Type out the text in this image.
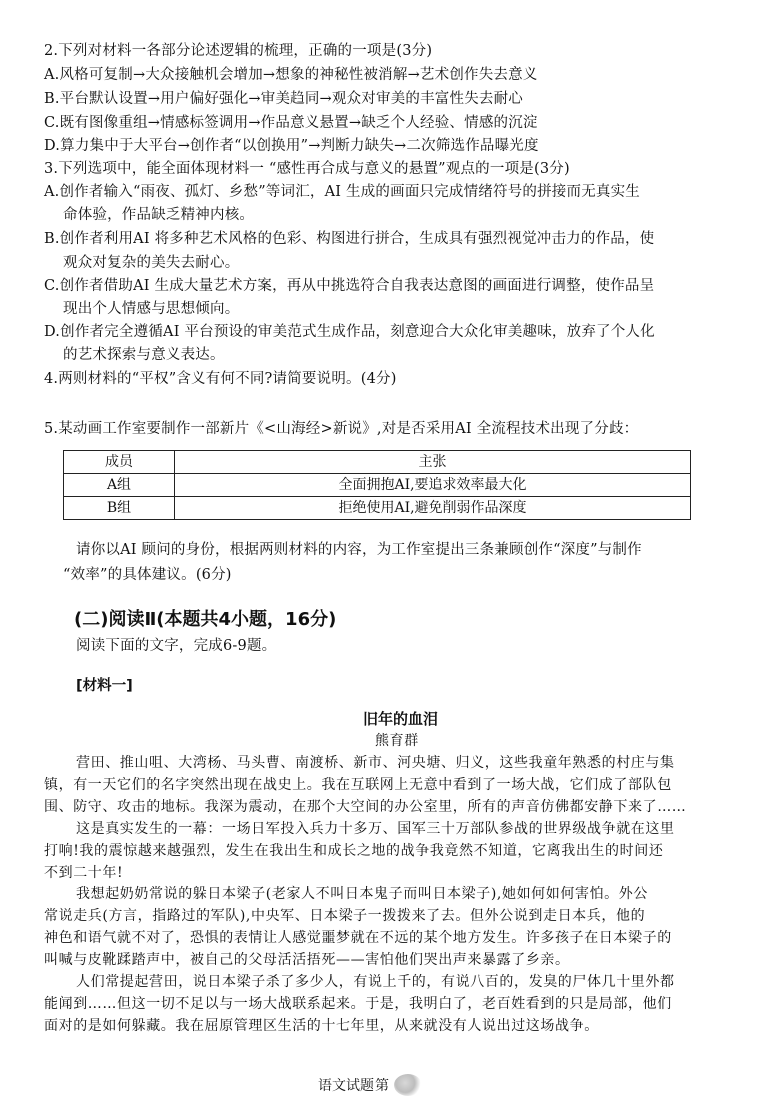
2.下列对材料一各部分论述逻辑的梳理，正确的一项是(3分)
A.风格可复制→大众接触机会增加→想象的神秘性被消解→艺术创作失去意义
B.平台默认设置→用户偏好强化→审美趋同→观众对审美的丰富性失去耐心
C.既有图像重组→情感标签调用→作品意义悬置→缺乏个人经验、情感的沉淀
D.算力集中于大平台→创作者“以创换用”→判断力缺失→二次筛选作品曝光度
3.下列选项中，能全面体现材料一 “感性再合成与意义的悬置”观点的一项是(3分)
A.创作者输入“雨夜、孤灯、乡愁”等词汇，AI 生成的画面只完成情绪符号的拼接而无真实生
命体验，作品缺乏精神内核。
B.创作者利用AI 将多种艺术风格的色彩、构图进行拼合，生成具有强烈视觉冲击力的作品，使
观众对复杂的美失去耐心。
C.创作者借助AI 生成大量艺术方案，再从中挑选符合自我表达意图的画面进行调整，使作品呈
现出个人情感与思想倾向。
D.创作者完全遵循AI 平台预设的审美范式生成作品，刻意迎合大众化审美趣味，放弃了个人化
的艺术探索与意义表达。
4.两则材料的“平权”含义有何不同?请简要说明。(4分)
5.某动画工作室要制作一部新片《<山海经>新说》,对是否采用AI 全流程技术出现了分歧：
成员	主张
A组	全面拥抱AI,要追求效率最大化
B组	拒绝使用AI,避免削弱作品深度
请你以AI 顾问的身份，根据两则材料的内容，为工作室提出三条兼顾创作“深度”与制作
“效率”的具体建议。(6分)
(二)阅读Ⅱ(本题共4小题，16分)
阅读下面的文字，完成6-9题。
[材料一]
旧年的血泪
熊育群
营田、推山咀、大湾杨、马头曹、南渡桥、新市、河央塘、归义，这些我童年熟悉的村庄与集
镇，有一天它们的名字突然出现在战史上。我在互联网上无意中看到了一场大战，它们成了部队包
围、防守、攻击的地标。我深为震动，在那个大空间的办公室里，所有的声音仿佛都安静下来了……
这是真实发生的一幕：一场日军投入兵力十多万、国军三十万部队参战的世界级战争就在这里
打响!我的震惊越来越强烈，发生在我出生和成长之地的战争我竟然不知道，它离我出生的时间还
不到二十年!
我想起奶奶常说的躲日本梁子(老家人不叫日本鬼子而叫日本梁子),她如何如何害怕。外公
常说走兵(方言，指路过的军队),中央军、日本梁子一拨拨来了去。但外公说到走日本兵，他的
神色和语气就不对了，恐惧的表情让人感觉噩梦就在不远的某个地方发生。许多孩子在日本梁子的
叫喊与皮靴蹂踏声中，被自己的父母活活捂死——害怕他们哭出声来暴露了乡亲。
人们常提起营田，说日本梁子杀了多少人，有说上千的，有说八百的，发臭的尸体几十里外都
能闻到……但这一切不足以与一场大战联系起来。于是，我明白了，老百姓看到的只是局部，他们
面对的是如何躲藏。我在屈原管理区生活的十七年里，从来就没有人说出过这场战争。
语文试题 第
